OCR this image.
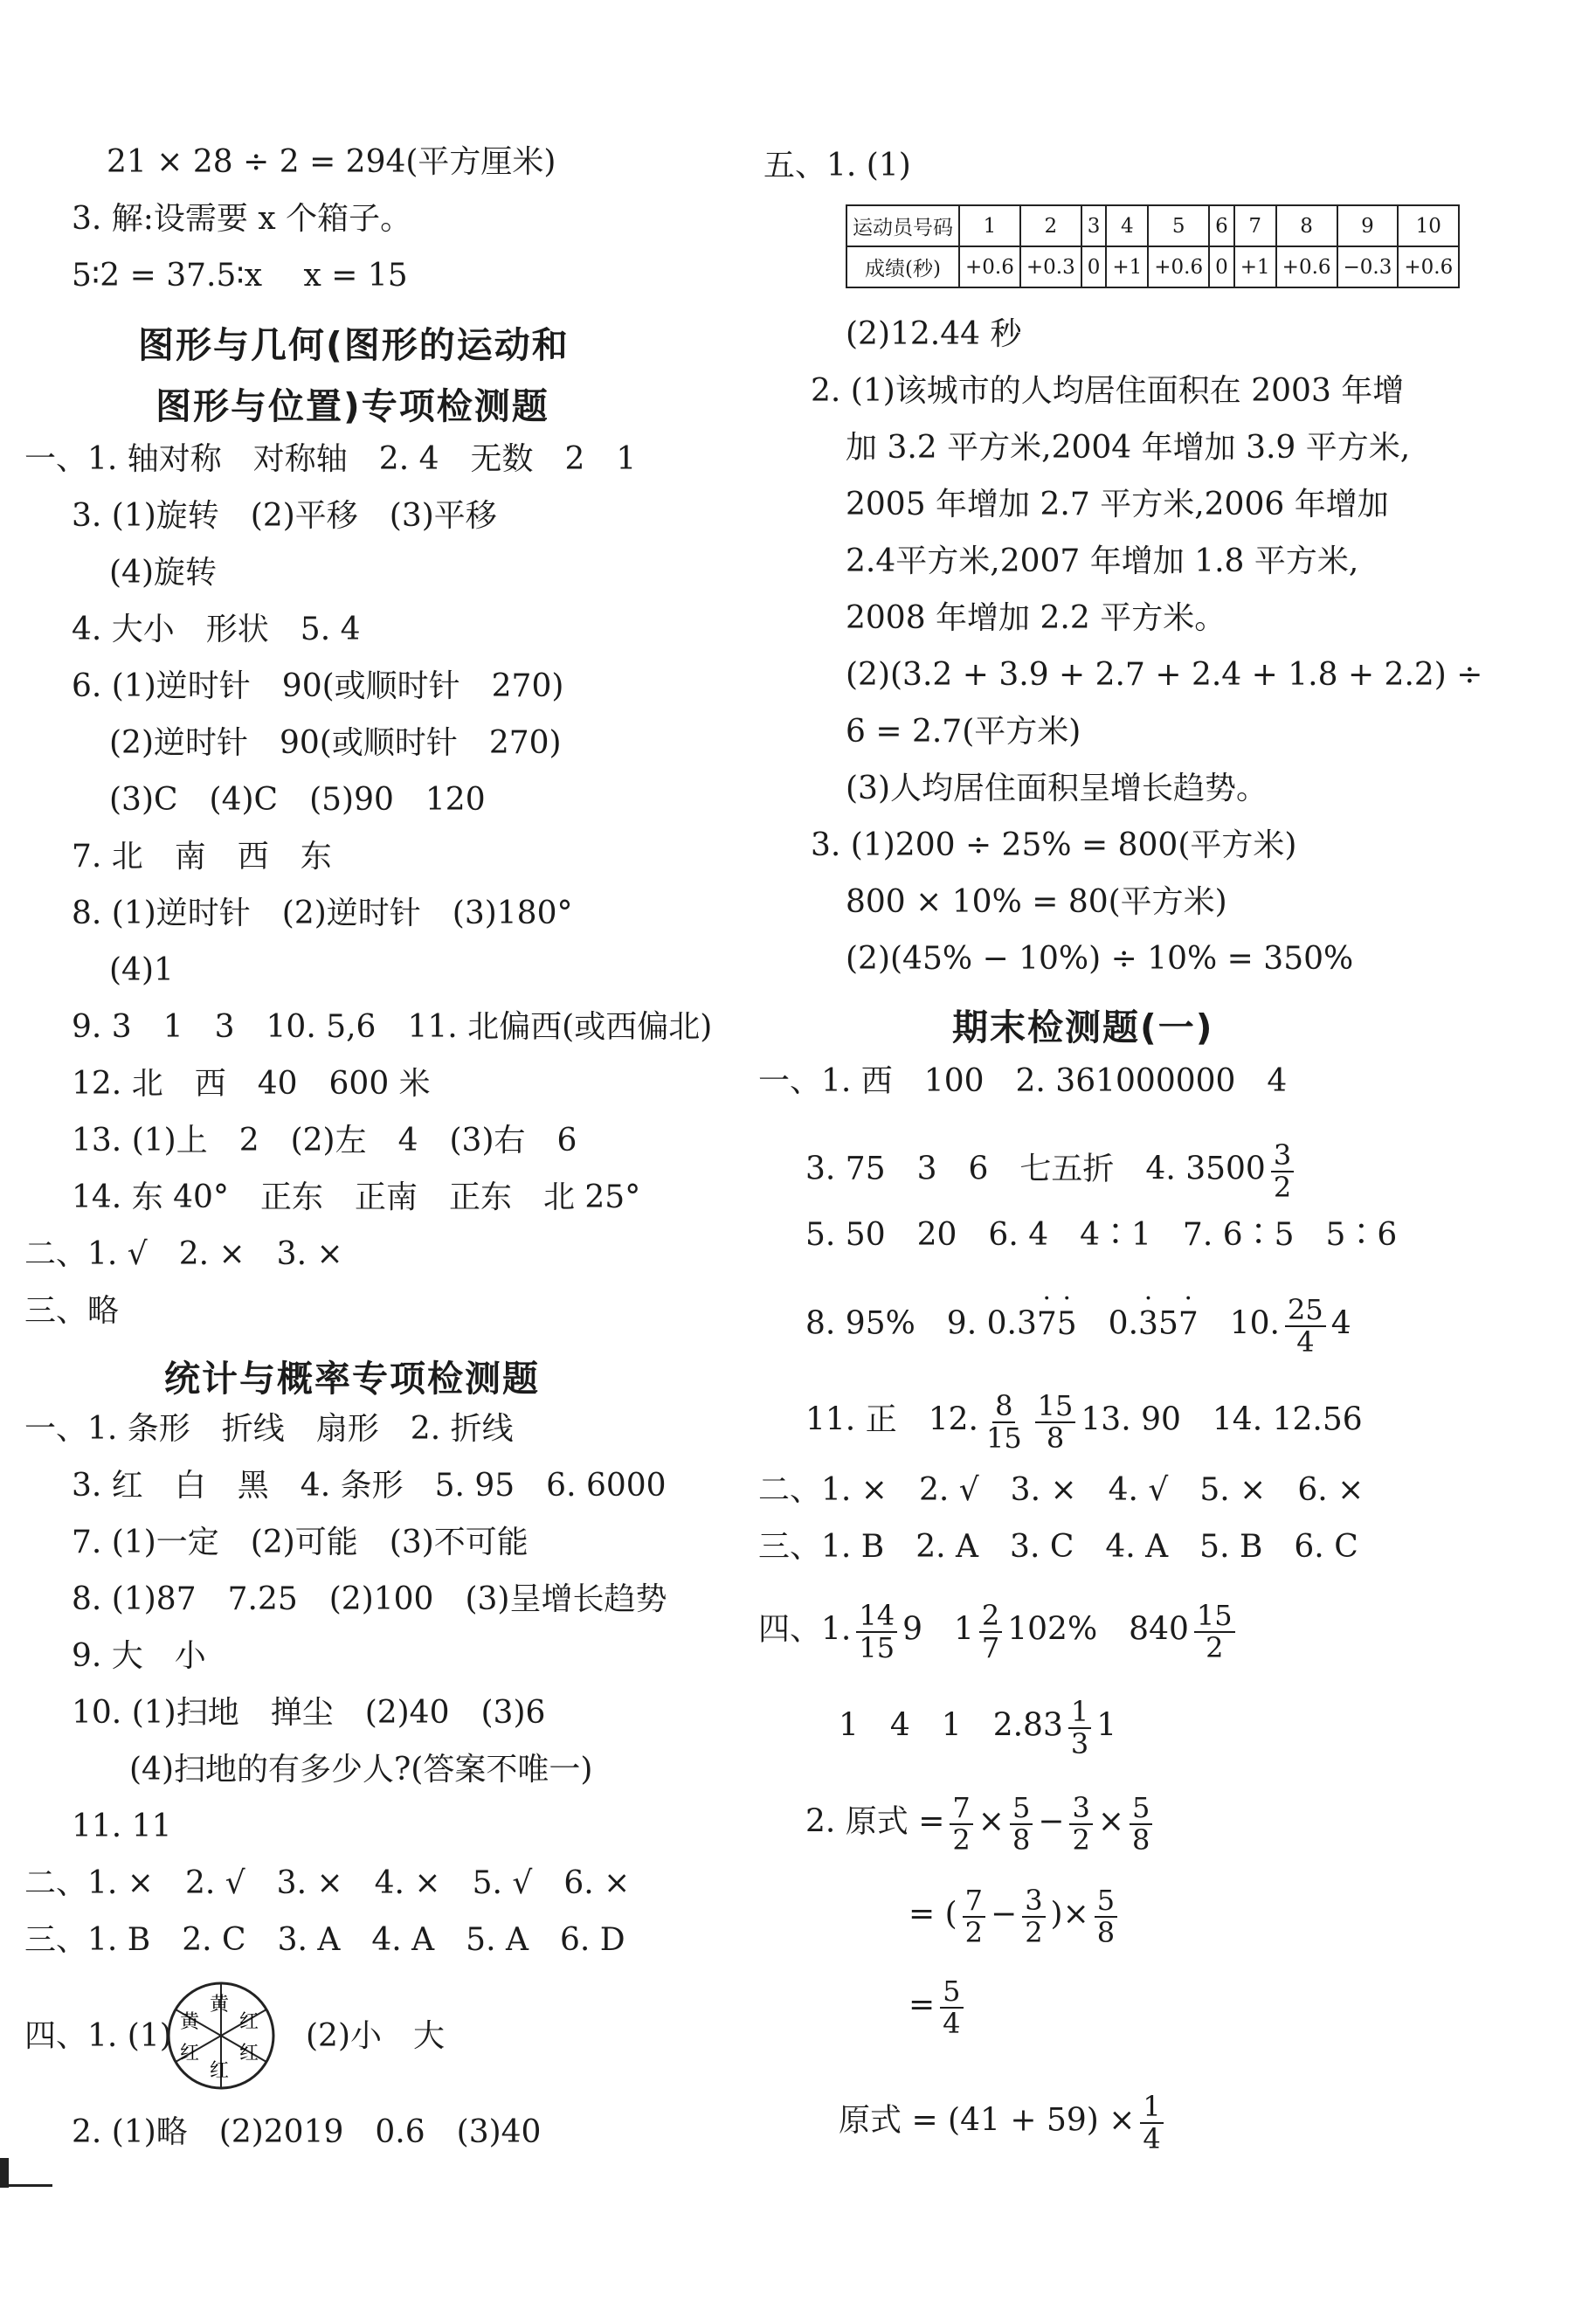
21 × 28 ÷ 2 = 294(平方厘米)
3. 解:设需要 x 个箱子。
5∶2 = 37.5∶x　 x = 15
图形与几何(图形的运动和
图形与位置)专项检测题
一、1. 轴对称　对称轴　2. 4　无数　2　1
3. (1)旋转　(2)平移　(3)平移
(4)旋转
4. 大小　形状　5. 4
6. (1)逆时针　90(或顺时针　270)
(2)逆时针　90(或顺时针　270)
(3)C　(4)C　(5)90　120
7. 北　南　西　东
8. (1)逆时针　(2)逆时针　(3)180°
(4)1
9. 3　1　3　10. 5,6　11. 北偏西(或西偏北)
12. 北　西　40　600 米
13. (1)上　2　(2)左　4　(3)右　6
14. 东 40°　正东　正南　正东　北 25°
二、1. √　2. ×　3. ×
三、略
统计与概率专项检测题
一、1. 条形　折线　扇形　2. 折线
3. 红　白　黑　4. 条形　5. 95　6. 6000
7. (1)一定　(2)可能　(3)不可能
8. (1)87　7.25　(2)100　(3)呈增长趋势
9. 大　小
10. (1)扫地　掸尘　(2)40　(3)6
(4)扫地的有多少人?(答案不唯一)
11. 11
二、1. ×　2. √　3. ×　4. ×　5. √　6. ×
三、1. B　2. C　3. A　4. A　5. A　6. D
四、1. (1)
黄
黄 红
红 红
红
(2)小　大
2. (1)略　(2)2019　0.6　(3)40
五、1. (1)
运动员号码	1	2	3	4	5	6	7	8	9	10
成绩(秒)	+0.6	+0.3	0	+1	+0.6	0	+1	+0.6	−0.3	+0.6
(2)12.44 秒
2. (1)该城市的人均居住面积在 2003 年增
加 3.2 平方米,2004 年增加 3.9 平方米,
2005 年增加 2.7 平方米,2006 年增加
2.4平方米,2007 年增加 1.8 平方米,
2008 年增加 2.2 平方米。
(2)(3.2 + 3.9 + 2.7 + 2.4 + 1.8 + 2.2) ÷
6 = 2.7(平方米)
(3)人均居住面积呈增长趋势。
3. (1)200 ÷ 25% = 800(平方米)
800 × 10% = 80(平方米)
(2)(45% − 10%) ÷ 10% = 350%
期末检测题(一)
一、1. 西　100　2. 361000000　4
3. 75　3　6　七五折　4. $3500 \frac{3}{2}$
5. 50　20　6. 4　4∶1　7. 6∶5　5∶6
8. 95%　9. 0.3· 7· 5　0.· 35· 7　10. $\frac{25}{4} 4$
11. 正　12. $\frac{8}{15} \frac{15}{8} 13$. 90　14. 12.56
二、1. ×　2. √　3. ×　4. √　5. ×　6. ×
三、1. B　2. A　3. C　4. A　5. B　6. C
四、1. $\frac{14}{15} 9$　$1 \frac{2}{7} 102\%$　$840 \frac{15}{2}$
1　4　1　$2.83 \frac{1}{3} 1$
2. 原式 = $\frac{7}{2} \times \frac{5}{8} - \frac{3}{2} \times \frac{5}{8}$
= ( $\frac{7}{2} - \frac{3}{2}$ )× $\frac{5}{8}$
= $\frac{5}{4}$
原式 = $(41 + 59) \times \frac{1}{4}$
